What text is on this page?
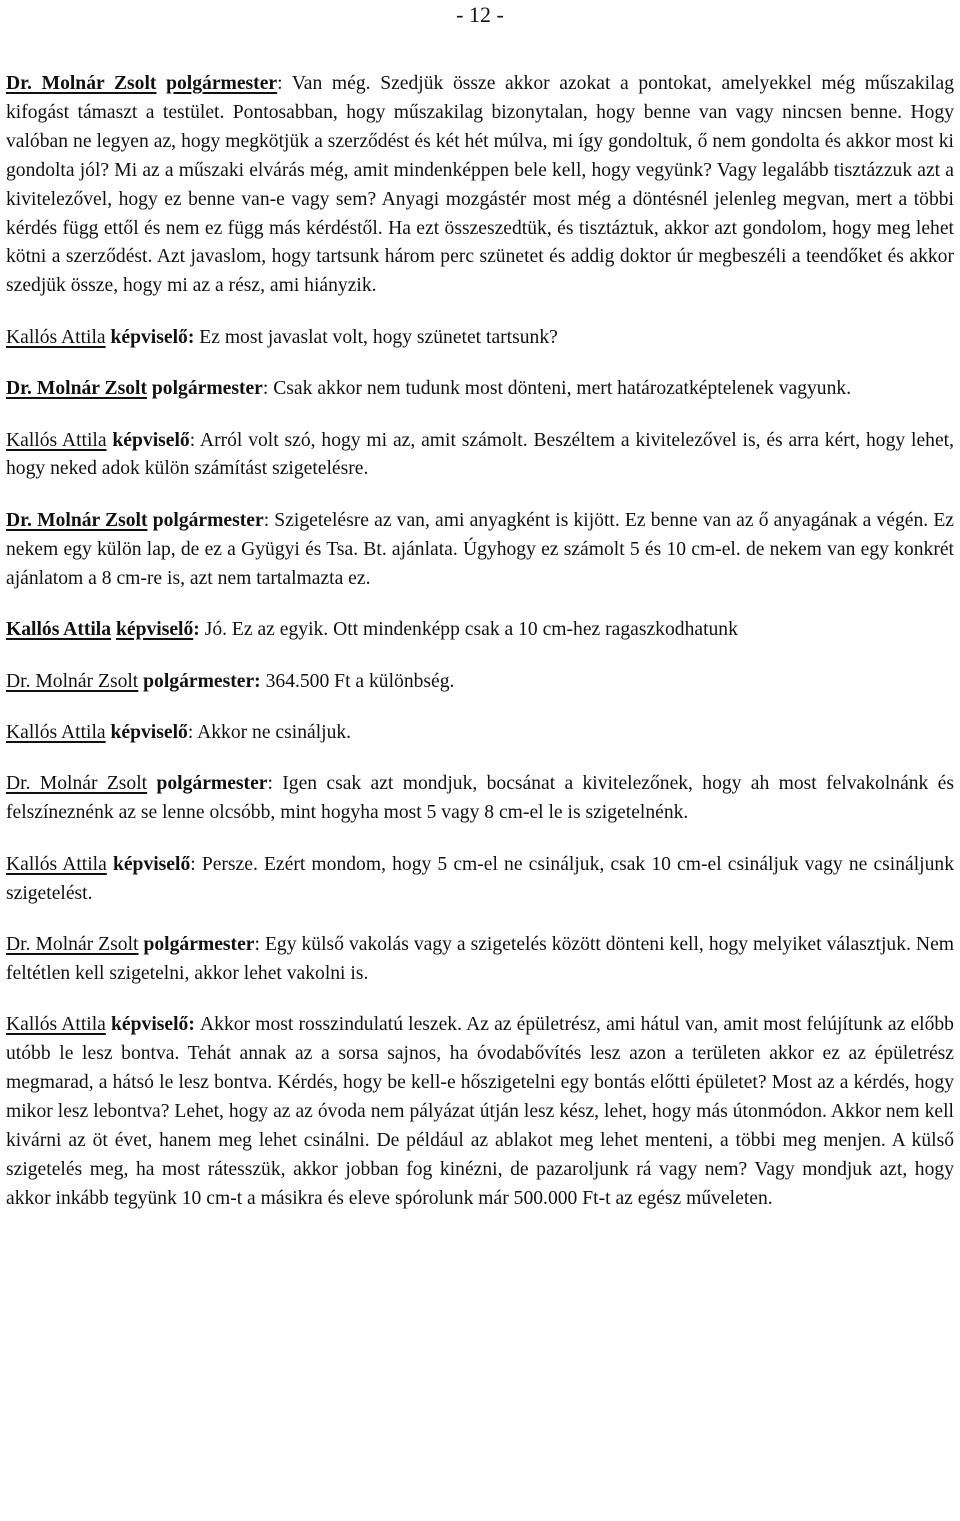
- 12 -

Dr. Molnár Zsolt polgármester: Van még. Szedjük össze akkor azokat a pontokat, amelyekkel még műszakilag kifogást támaszt a testület. Pontosabban, hogy műszakilag bizonytalan, hogy benne van vagy nincsen benne. Hogy valóban ne legyen az, hogy megkötjük a szerződést és két hét múlva, mi így gondoltuk, ő nem gondolta és akkor most ki gondolta jól? Mi az a műszaki elvárás még, amit mindenképpen bele kell, hogy vegyünk? Vagy legalább tisztázzuk azt a kivitelezővel, hogy ez benne van-e vagy sem? Anyagi mozgástér most még a döntésnél jelenleg megvan, mert a többi kérdés függ ettől és nem ez függ más kérdéstől. Ha ezt összeszedtük, és tisztáztuk, akkor azt gondolom, hogy meg lehet kötni a szerződést. Azt javaslom, hogy tartsunk három perc szünetet és addig doktor úr megbeszéli a teendőket és akkor szedjük össze, hogy mi az a rész, ami hiányzik.

Kallós Attila képviselő: Ez most javaslat volt, hogy szünetet tartsunk?

Dr. Molnár Zsolt polgármester: Csak akkor nem tudunk most dönteni, mert határozatképtelenek vagyunk.

Kallós Attila képviselő: Arról volt szó, hogy mi az, amit számolt. Beszéltem a kivitelezővel is, és arra kért, hogy lehet, hogy neked adok külön számítást szigetelésre.

Dr. Molnár Zsolt polgármester: Szigetelésre az van, ami anyagként is kijött. Ez benne van az ő anyagának a végén. Ez nekem egy külön lap, de ez a Gyügyi és Tsa. Bt. ajánlata. Úgyhogy ez számolt 5 és 10 cm-el. de nekem van egy konkrét ajánlatom a 8 cm-re is, azt nem tartalmazta ez.

Kallós Attila képviselő: Jó. Ez az egyik. Ott mindenképp csak a 10 cm-hez ragaszkodhatunk

Dr. Molnár Zsolt polgármester: 364.500 Ft a különbség.

Kallós Attila képviselő: Akkor ne csináljuk.

Dr. Molnár Zsolt polgármester: Igen csak azt mondjuk, bocsánat a kivitelezőnek, hogy ah most felvakolnánk és felszíneznénk az se lenne olcsóbb, mint hogyha most 5 vagy 8 cm-el le is szigetelnénk.

Kallós Attila képviselő: Persze. Ezért mondom, hogy 5 cm-el ne csináljuk, csak 10 cm-el csináljuk vagy ne csináljunk szigetelést.

Dr. Molnár Zsolt polgármester: Egy külső vakolás vagy a szigetelés között dönteni kell, hogy melyiket választjuk. Nem feltétlen kell szigetelni, akkor lehet vakolni is.

Kallós Attila képviselő: Akkor most rosszindulatú leszek. Az az épületrész, ami hátul van, amit most felújítunk az előbb utóbb le lesz bontva. Tehát annak az a sorsa sajnos, ha óvodabővítés lesz azon a területen akkor ez az épületrész megmarad, a hátsó le lesz bontva. Kérdés, hogy be kell-e hőszigetelni egy bontás előtti épületet? Most az a kérdés, hogy mikor lesz lebontva? Lehet, hogy az az óvoda nem pályázat útján lesz kész, lehet, hogy más útonmódon. Akkor nem kell kivárni az öt évet, hanem meg lehet csinálni. De például az ablakot meg lehet menteni, a többi meg menjen. A külső szigetelés meg, ha most rátesszük, akkor jobban fog kinézni, de pazaroljunk rá vagy nem? Vagy mondjuk azt, hogy akkor inkább tegyünk 10 cm-t a másikra és eleve spórolunk már 500.000 Ft-t az egész műveleten.
